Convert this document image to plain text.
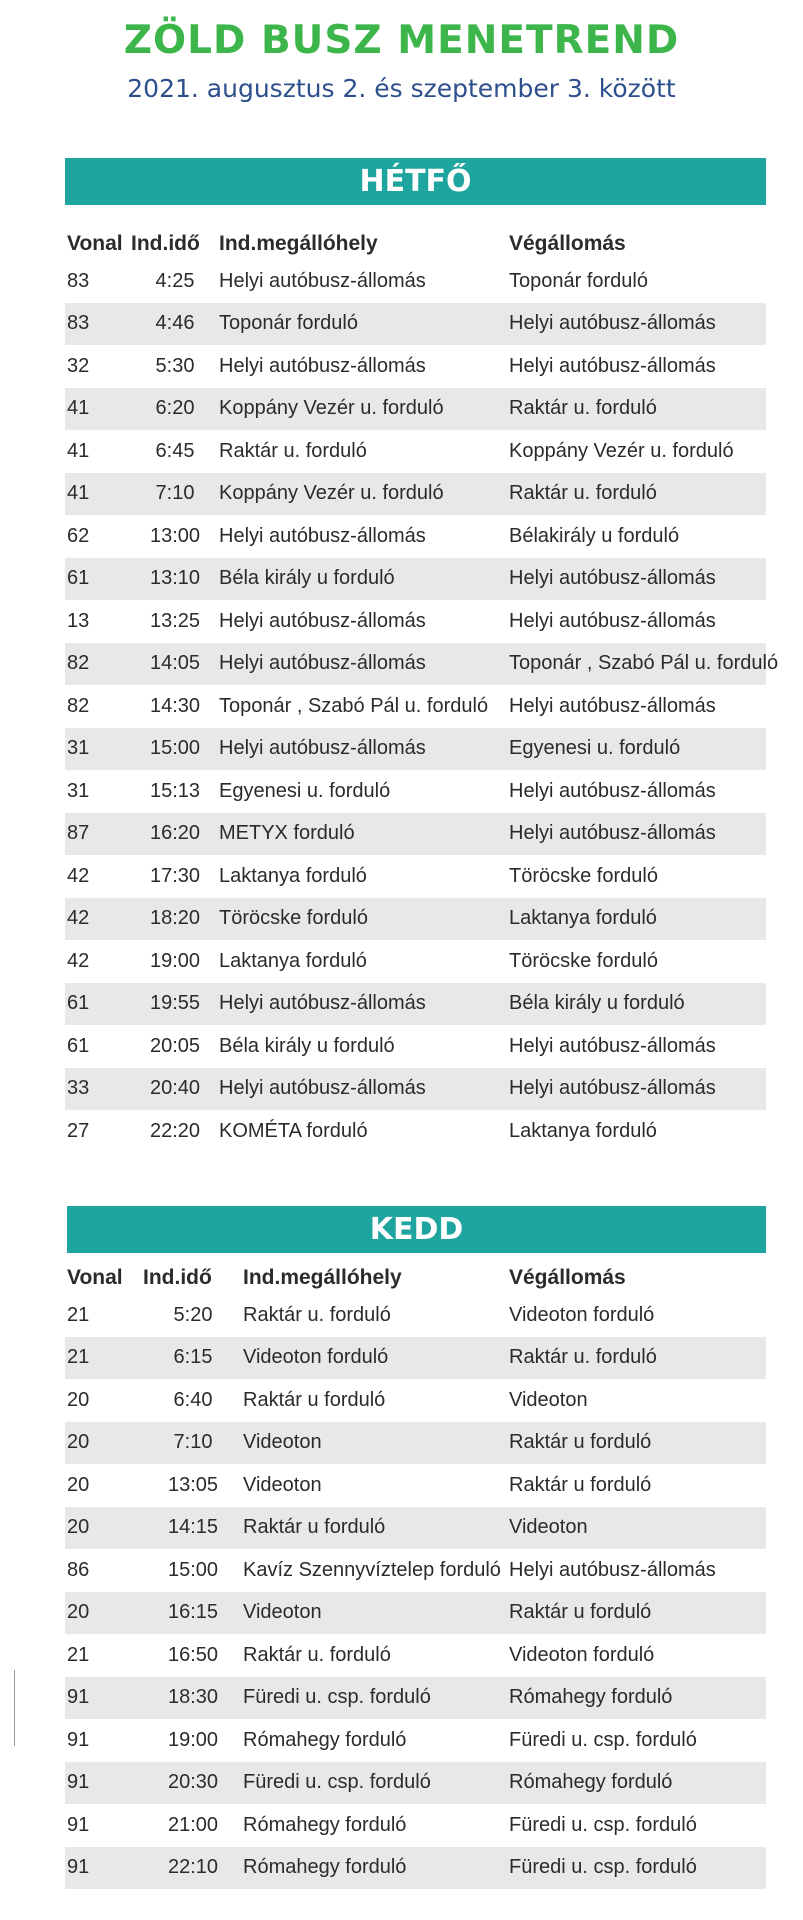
ZÖLD BUSZ MENETREND
2021. augusztus 2. és szeptember 3. között
HÉTFŐ
Vonal	Ind.idő	Ind.megállóhely	Végállomás
83	4:25	Helyi autóbusz-állomás	Toponár forduló
83	4:46	Toponár forduló	Helyi autóbusz-állomás
32	5:30	Helyi autóbusz-állomás	Helyi autóbusz-állomás
41	6:20	Koppány Vezér u. forduló	Raktár u. forduló
41	6:45	Raktár u. forduló	Koppány Vezér u. forduló
41	7:10	Koppány Vezér u. forduló	Raktár u. forduló
62	13:00	Helyi autóbusz-állomás	Bélakirály u forduló
61	13:10	Béla király u forduló	Helyi autóbusz-állomás
13	13:25	Helyi autóbusz-állomás	Helyi autóbusz-állomás
82	14:05	Helyi autóbusz-állomás	Toponár , Szabó Pál u. forduló
82	14:30	Toponár , Szabó Pál u. forduló	Helyi autóbusz-állomás
31	15:00	Helyi autóbusz-állomás	Egyenesi u. forduló
31	15:13	Egyenesi u. forduló	Helyi autóbusz-állomás
87	16:20	METYX forduló	Helyi autóbusz-állomás
42	17:30	Laktanya forduló	Töröcske forduló
42	18:20	Töröcske forduló	Laktanya forduló
42	19:00	Laktanya forduló	Töröcske forduló
61	19:55	Helyi autóbusz-állomás	Béla király u forduló
61	20:05	Béla király u forduló	Helyi autóbusz-állomás
33	20:40	Helyi autóbusz-állomás	Helyi autóbusz-állomás
27	22:20	KOMÉTA forduló	Laktanya forduló
KEDD
Vonal	Ind.idő	Ind.megállóhely	Végállomás
21	5:20	Raktár u. forduló	Videoton forduló
21	6:15	Videoton forduló	Raktár u. forduló
20	6:40	Raktár u forduló	Videoton
20	7:10	Videoton	Raktár u forduló
20	13:05	Videoton	Raktár u forduló
20	14:15	Raktár u forduló	Videoton
86	15:00	Kavíz Szennyvíztelep forduló	Helyi autóbusz-állomás
20	16:15	Videoton	Raktár u forduló
21	16:50	Raktár u. forduló	Videoton forduló
91	18:30	Füredi u. csp. forduló	Rómahegy forduló
91	19:00	Rómahegy forduló	Füredi u. csp. forduló
91	20:30	Füredi u. csp. forduló	Rómahegy forduló
91	21:00	Rómahegy forduló	Füredi u. csp. forduló
91	22:10	Rómahegy forduló	Füredi u. csp. forduló
